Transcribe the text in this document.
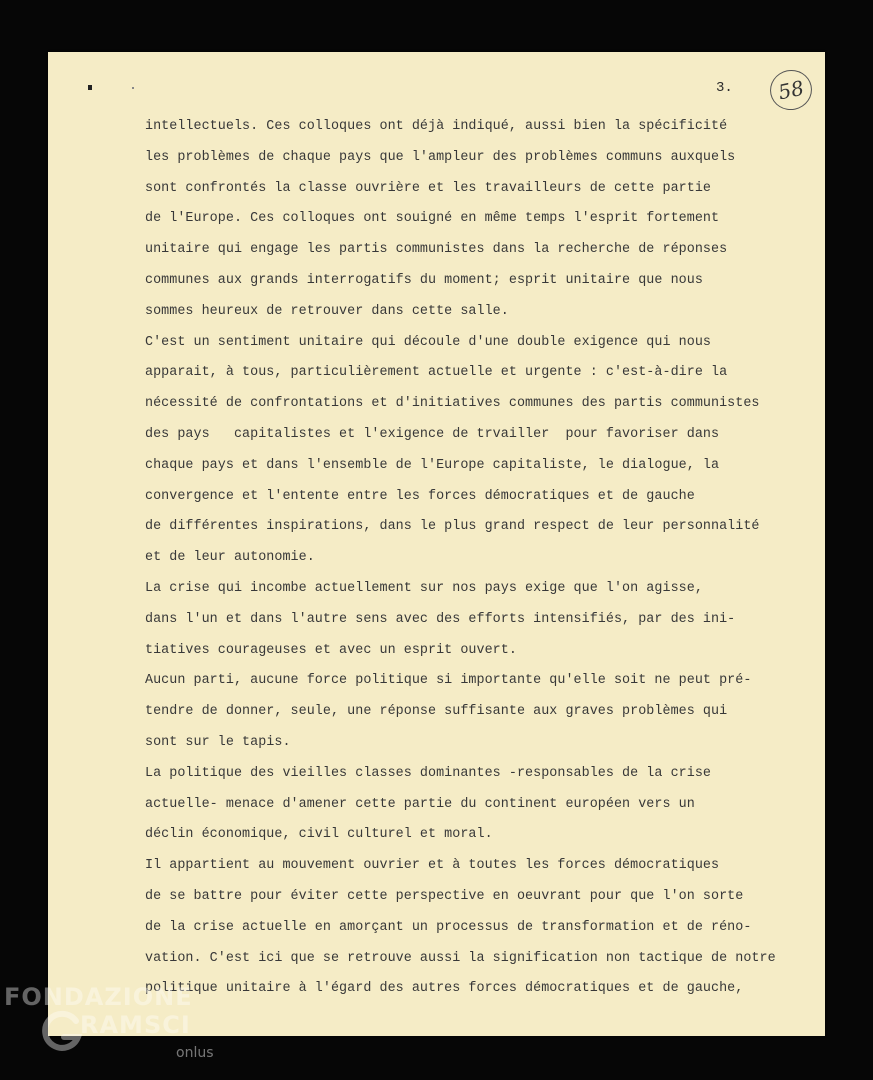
3.	58
intellectuels. Ces colloques ont déjà indiqué, aussi bien la spécificité
les problèmes de chaque pays que l'ampleur des problèmes communs auxquels
sont confrontés la classe ouvrière et les travailleurs de cette partie
de l'Europe. Ces colloques ont souigné en même temps l'esprit fortement
unitaire qui engage les partis communistes dans la recherche de réponses
communes aux grands interrogatifs du moment; esprit unitaire que nous
sommes heureux de retrouver dans cette salle.
C'est un sentiment unitaire qui découle d'une double exigence qui nous
apparait, à tous, particulièrement actuelle et urgente : c'est-à-dire la
nécessité de confrontations et d'initiatives communes des partis communistes
des pays   capitalistes et l'exigence de trvailler  pour favoriser dans
chaque pays et dans l'ensemble de l'Europe capitaliste, le dialogue, la
convergence et l'entente entre les forces démocratiques et de gauche
de différentes inspirations, dans le plus grand respect de leur personnalité
et de leur autonomie.
La crise qui incombe actuellement sur nos pays exige que l'on agisse,
dans l'un et dans l'autre sens avec des efforts intensifiés, par des ini-
tiatives courageuses et avec un esprit ouvert.
Aucun parti, aucune force politique si importante qu'elle soit ne peut pré-
tendre de donner, seule, une réponse suffisante aux graves problèmes qui
sont sur le tapis.
La politique des vieilles classes dominantes -responsables de la crise
actuelle- menace d'amener cette partie du continent européen vers un
déclin économique, civil culturel et moral.
Il appartient au mouvement ouvrier et à toutes les forces démocratiques
de se battre pour éviter cette perspective en oeuvrant pour que l'on sorte
de la crise actuelle en amorçant un processus de transformation et de réno-
vation. C'est ici que se retrouve aussi la signification non tactique de notre
politique unitaire à l'égard des autres forces démocratiques et de gauche,
FONDAZIONE
RAMSCI
onlus
